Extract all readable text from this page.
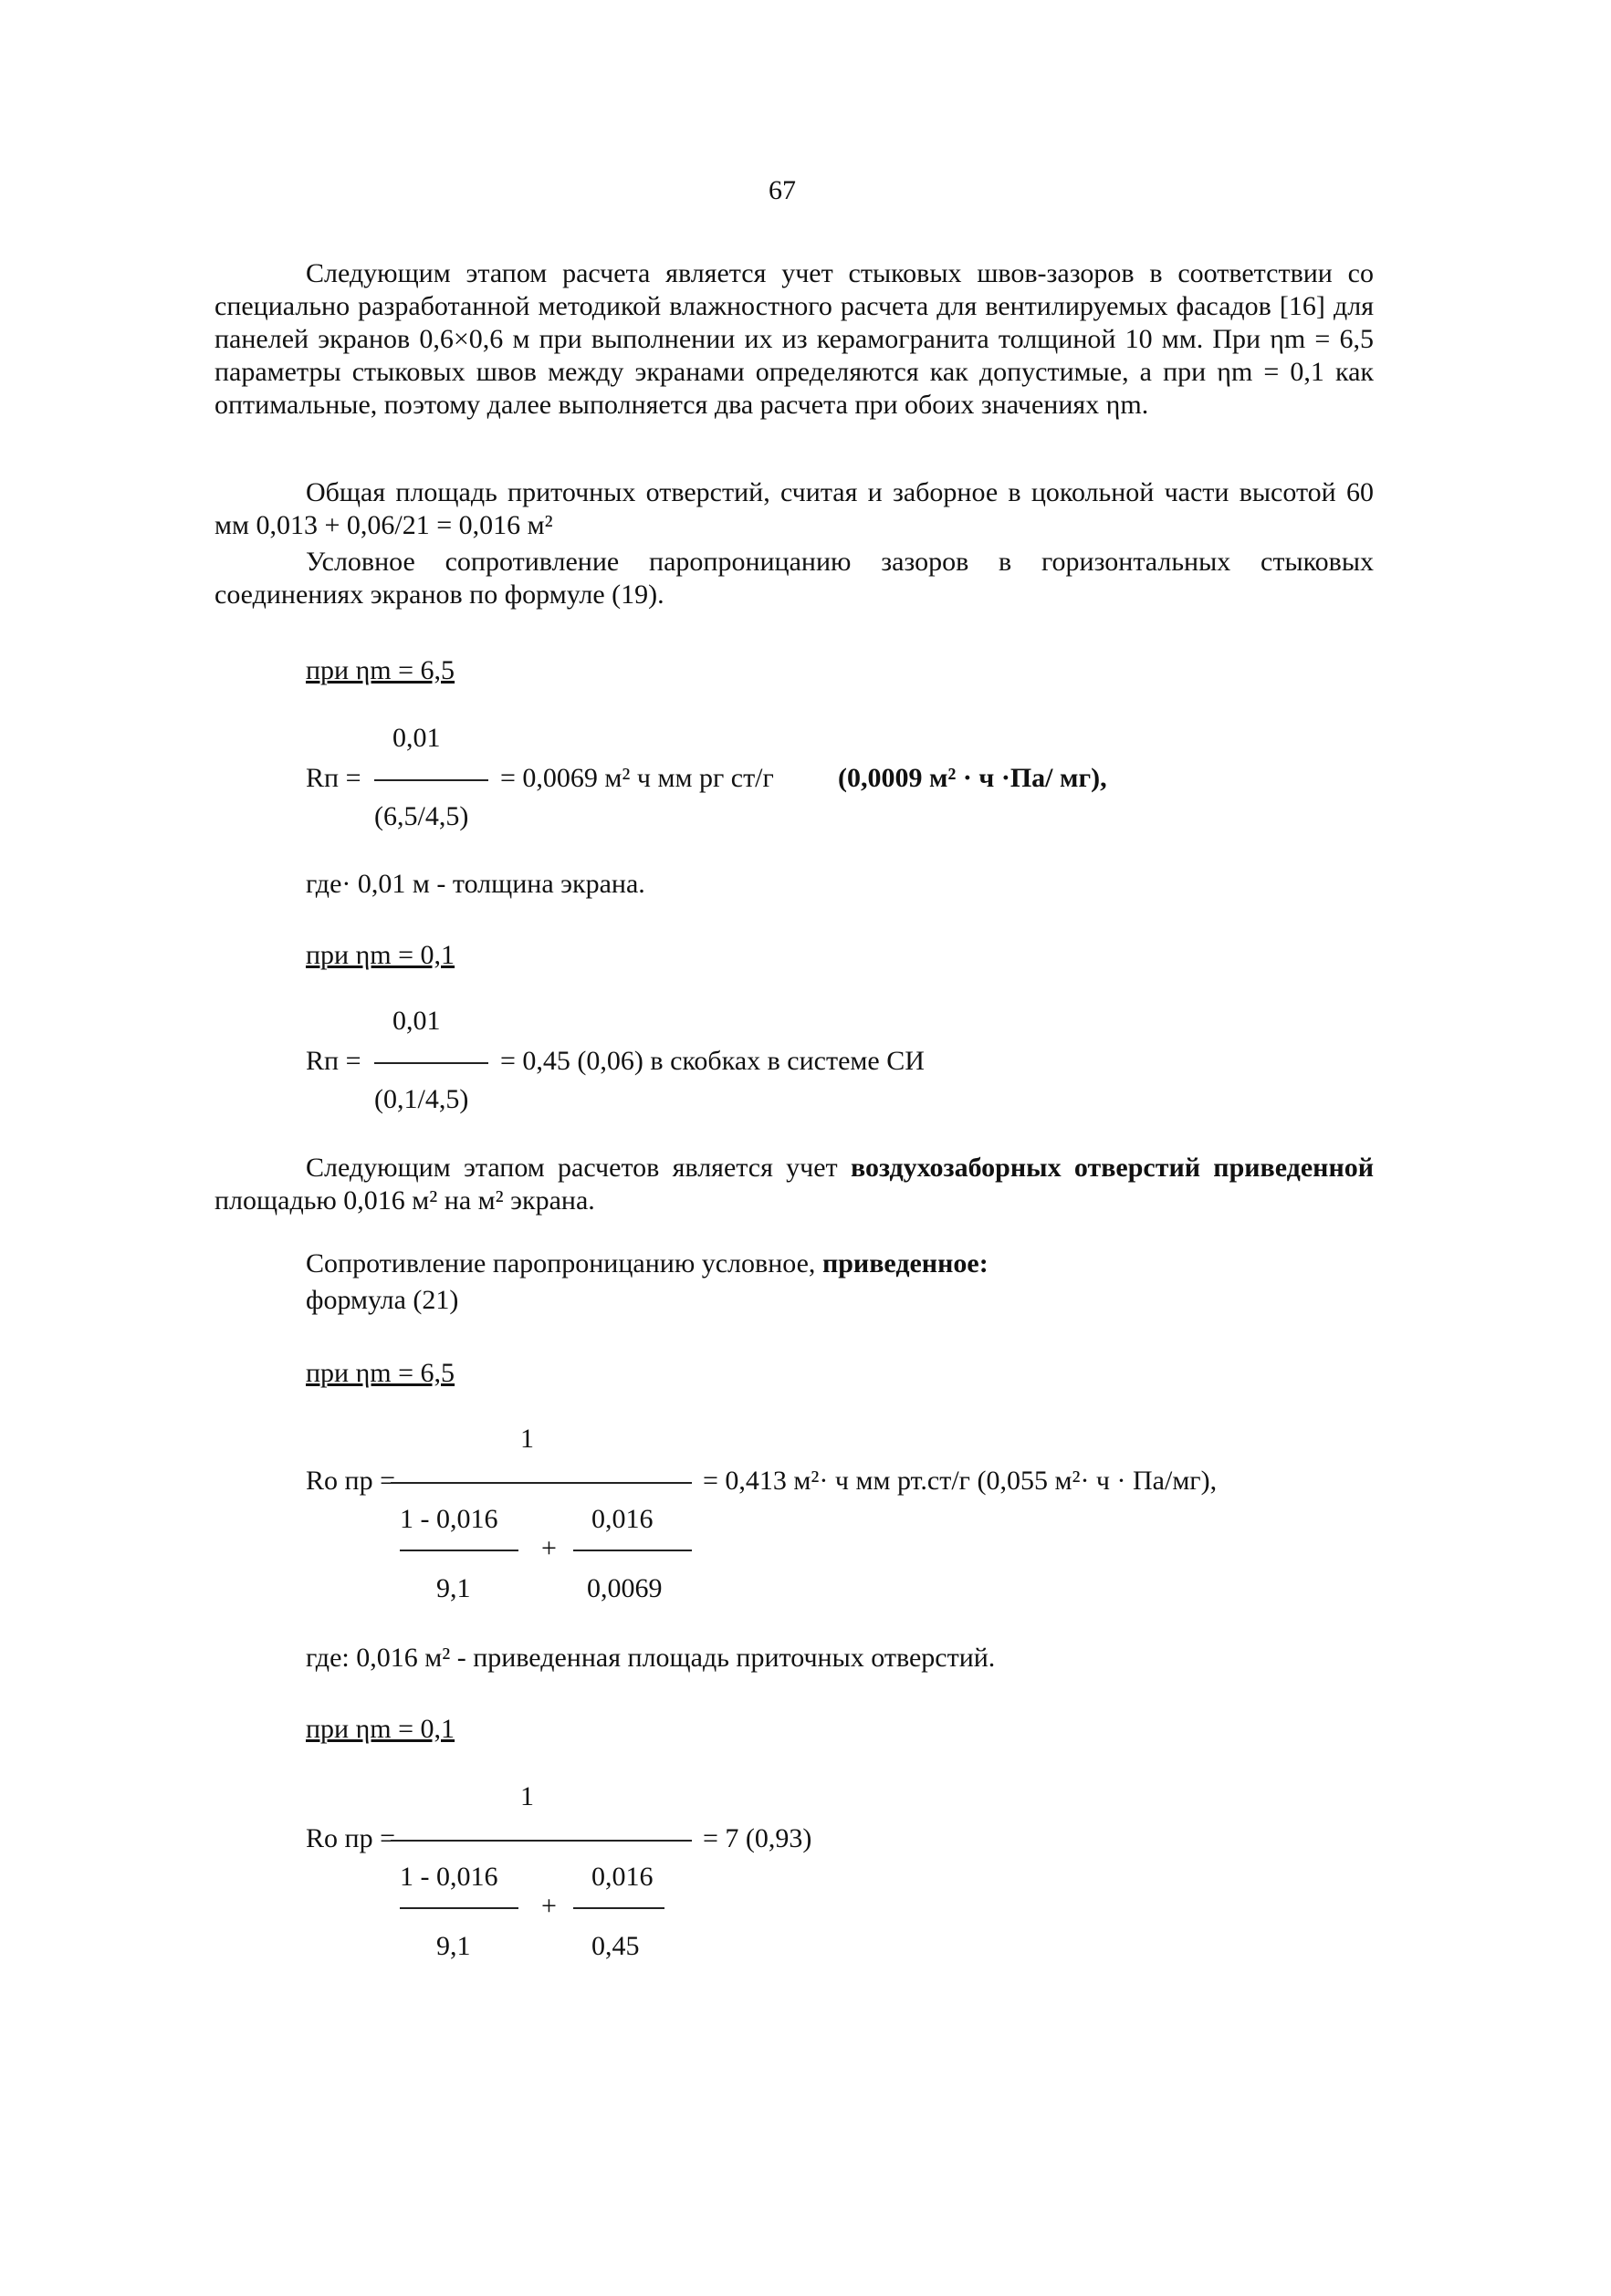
67
Следующим этапом расчета является учет стыковых швов-зазоров в соответствии со специально разработанной методикой влажностного расчета для вентилируемых фасадов [16] для панелей экранов 0,6×0,6 м при выполнении их из керамогранита толщиной 10 мм. При ηm = 6,5 параметры стыковых швов между экранами определяются как допустимые, а при ηm = 0,1 как оптимальные, поэтому далее выполняется два расчета при обоих значениях ηm.
Общая площадь приточных отверстий, считая и заборное в цокольной части высотой 60 мм 0,013 + 0,06/21 = 0,016 м²
Условное сопротивление паропроницанию зазоров в горизонтальных стыковых соединениях экранов по формуле (19).
при ηm = 6,5
0,01
Rп =	= 0,0069 м² ч мм рг ст/г (0,0009 м² · ч ·Па/ мг),
(6,5/4,5)
где· 0,01 м - толщина экрана.
при ηm = 0,1
0,01
Rп =	= 0,45 (0,06) в скобках в системе СИ
(0,1/4,5)
Следующим этапом расчетов является учет воздухозаборных отверстий приведенной площадью 0,016 м² на м² экрана.
Сопротивление паропроницанию условное, приведенное:
формула (21)
при ηm = 6,5
1
Rо пр =	= 0,413 м²· ч мм рт.ст/г (0,055 м²· ч · Па/мг),
1 - 0,016	0,016
+
9,1	0,0069
где: 0,016 м² - приведенная площадь приточных отверстий.
при ηm = 0,1
1
Rо пр =	= 7 (0,93)
1 - 0,016	0,016
+
9,1	0,45
